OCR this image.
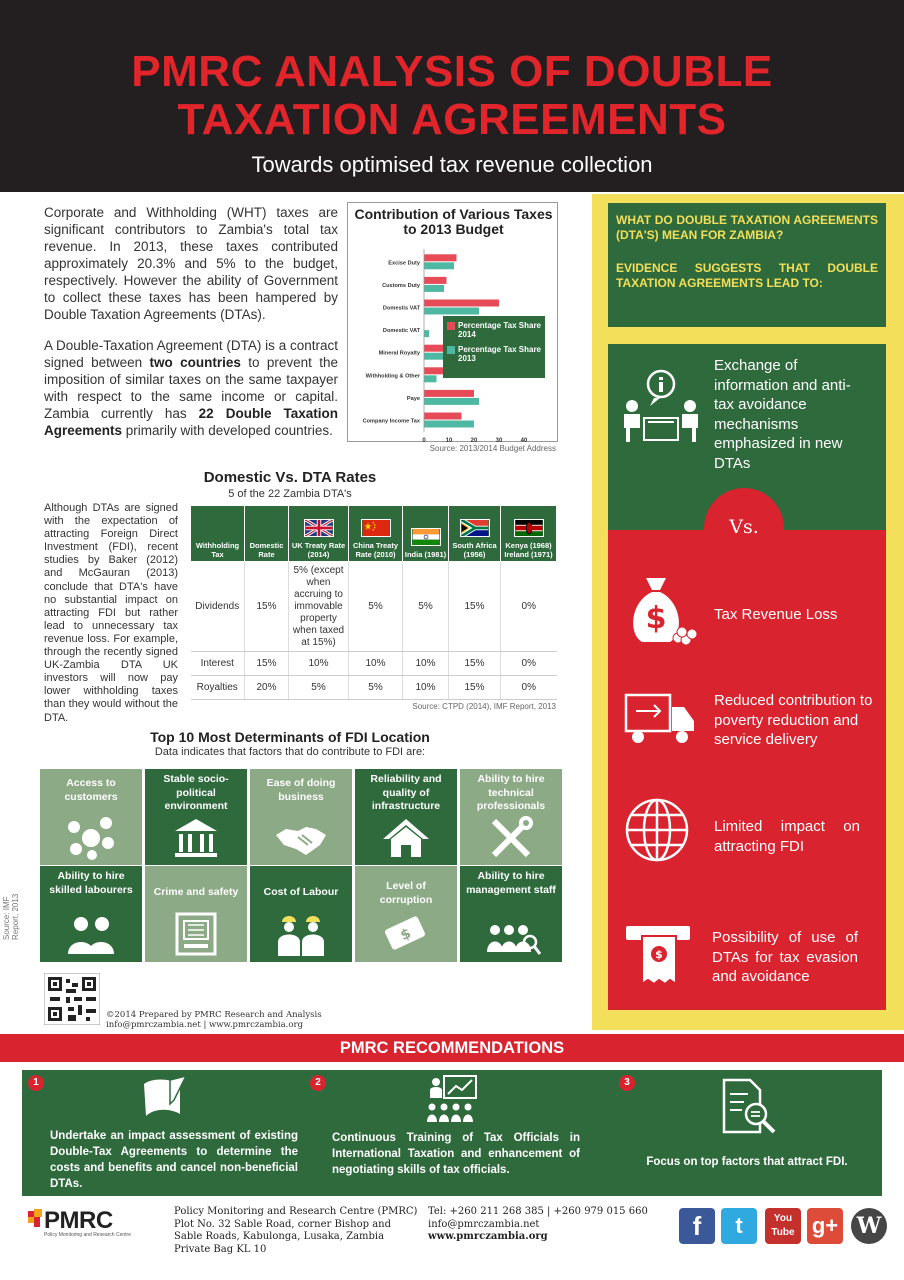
PMRC ANALYSIS OF DOUBLE
TAXATION AGREEMENTS
Towards optimised tax revenue collection

Corporate and Withholding (WHT) taxes are significant contributors to Zambia's total tax revenue. In 2013, these taxes contributed approximately 20.3% and 5% to the budget, respectively. However the ability of Government to collect these taxes has been hampered by Double Taxation Agreements (DTAs).

A Double-Taxation Agreement (DTA) is a contract signed between two countries to prevent the imposition of similar taxes on the same taxpayer with respect to the same income or capital. Zambia currently has 22 Double Taxation Agreements primarily with developed countries.

Contribution of Various Taxes to 2013 Budget
Excise Duty
Customs Duty
Domestis VAT
Domestic VAT
Mineral Royalty
Withholding & Other
Paye
Company Income Tax
0	10	20	30	40
Percentage Tax Share 2014
Percentage Tax Share 2013
Source: 2013/2014 Budget Address

WHAT DO DOUBLE TAXATION AGREEMENTS (DTA'S) MEAN FOR ZAMBIA?

EVIDENCE SUGGESTS THAT DOUBLE TAXATION AGREEMENTS LEAD TO:

Vs.
Exchange of information and anti-tax avoidance mechanisms emphasized in new DTAs
$	Tax Revenue Loss
Reduced contribution to poverty reduction and service delivery
Limited impact on attracting FDI
$
Possibility of use of DTAs for tax evasion and avoidance
Domestic Vs. DTA Rates
5 of the 22 Zambia DTA's
Although DTAs are signed with the expectation of attracting Foreign Direct Investment (FDI), recent studies by Baker (2012) and McGauran (2013) conclude that DTA's have no substantial impact on attracting FDI but rather lead to unnecessary tax revenue loss. For example, through the recently signed UK-Zambia DTA UK investors will now pay lower withholding taxes than they would without the DTA.
Withholding Tax	Domestic Rate	UK Treaty Rate (2014)	China Treaty Rate (2010)	India (1981)	South Africa (1956)	Kenya (1968) Ireland (1971)
Dividends	15%	5% (except when accruing to immovable property when taxed at 15%)	5%	5%	15%	0%
Interest	15%	10%	10%	10%	15%	0%
Royalties	20%	5%	5%	10%	15%	0%
Source: CTPD (2014), IMF Report, 2013
Top 10 Most Determinants of FDI Location
Data indicates that factors that do contribute to FDI are:
Source: IMF Report, 2013
Access to customers
Stable socio-political environment
Ease of doing business
Reliability and quality of infrastructure
Ability to hire technical professionals
Ability to hire skilled labourers	Crime and safety	Cost of Labour	Level of corruption
$
Ability to hire management staff
©2014 Prepared by PMRC Research and Analysis
info@pmrczambia.net | www.pmrczambia.org
PMRC RECOMMENDATIONS
1
Undertake an impact assessment of existing Double-Tax Agreements to determine the costs and benefits and cancel non-beneficial DTAs.
2
Continuous Training of Tax Officials in International Taxation and enhancement of negotiating skills of tax officials.
3
Focus on top factors that attract FDI.
PMRC
Policy Monitoring and Research Centre
Policy Monitoring and Research Centre (PMRC)
Plot No. 32 Sable Road, corner Bishop and
Sable Roads, Kabulonga, Lusaka, Zambia
Private Bag KL 10
Tel: +260 211 268 385 | +260 979 015 660
info@pmrczambia.net
www.pmrczambia.org	f	t	You Tube g+ W
